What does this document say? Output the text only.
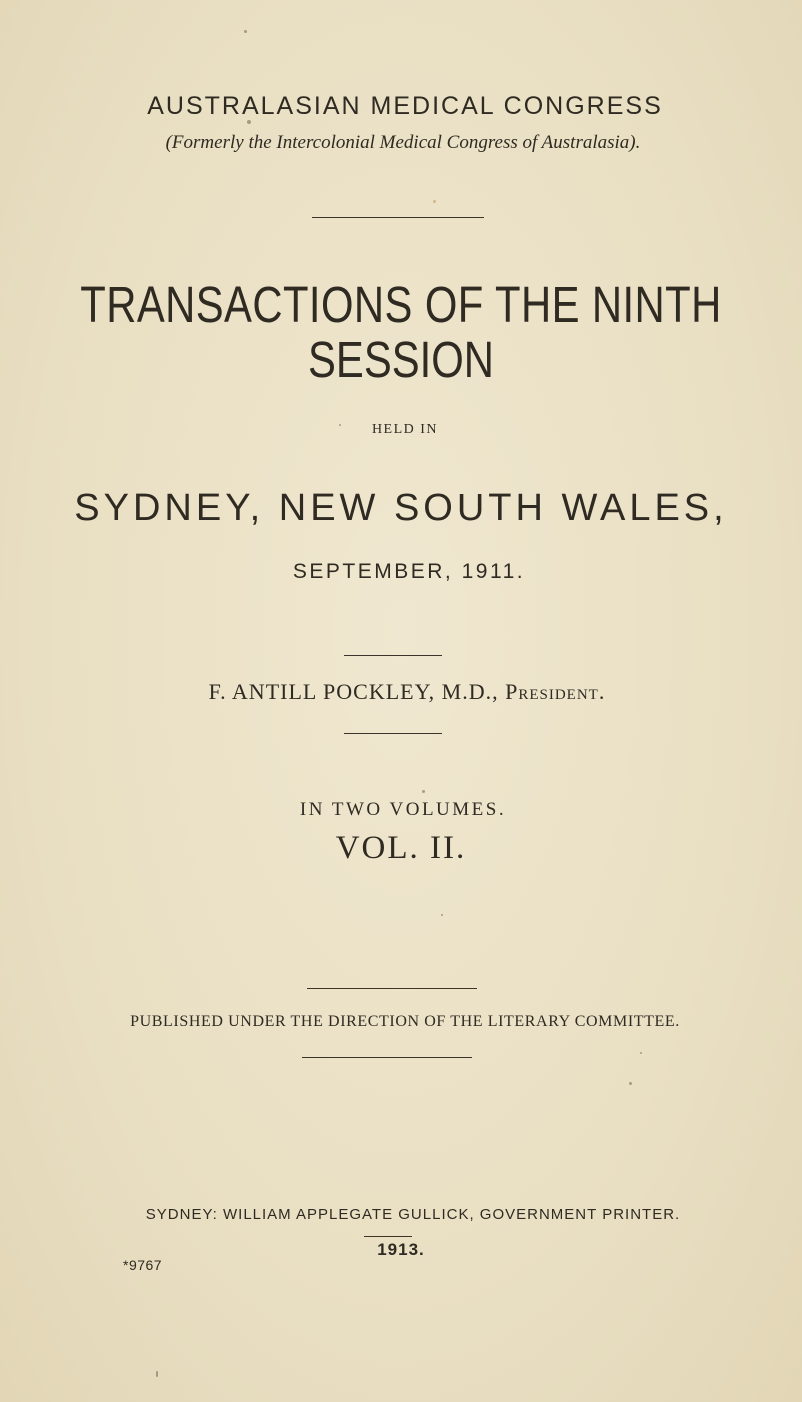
AUSTRALASIAN MEDICAL CONGRESS
(Formerly the Intercolonial Medical Congress of Australasia).
TRANSACTIONS OF THE NINTH
SESSION
HELD IN
SYDNEY, NEW SOUTH WALES,
SEPTEMBER, 1911.
F. ANTILL POCKLEY, M.D., President.
IN TWO VOLUMES.
VOL. II.
PUBLISHED UNDER THE DIRECTION OF THE LITERARY COMMITTEE.
SYDNEY: WILLIAM APPLEGATE GULLICK, GOVERNMENT PRINTER.
1913.
*9767
